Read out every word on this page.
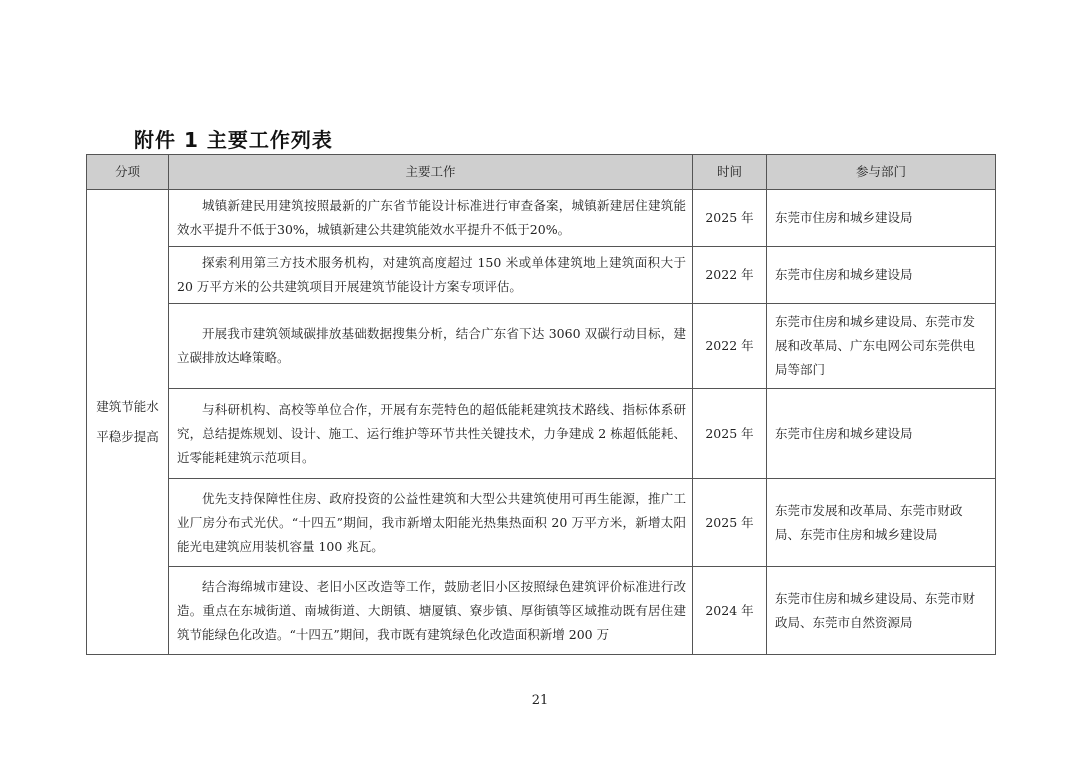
附件 1 主要工作列表
分项	主要工作	时间	参与部门
建筑节能水平稳步提高	城镇新建民用建筑按照最新的广东省节能设计标准进行审查备案，城镇新建居住建筑能效水平提升不低于30%，城镇新建公共建筑能效水平提升不低于20%。	2025 年	东莞市住房和城乡建设局
	探索利用第三方技术服务机构，对建筑高度超过 150 米或单体建筑地上建筑面积大于 20 万平方米的公共建筑项目开展建筑节能设计方案专项评估。	2022 年	东莞市住房和城乡建设局
	开展我市建筑领域碳排放基础数据搜集分析，结合广东省下达 3060 双碳行动目标，建立碳排放达峰策略。	2022 年	东莞市住房和城乡建设局、东莞市发展和改革局、广东电网公司东莞供电局等部门
	与科研机构、高校等单位合作，开展有东莞特色的超低能耗建筑技术路线、指标体系研究，总结提炼规划、设计、施工、运行维护等环节共性关键技术，力争建成 2 栋超低能耗、近零能耗建筑示范项目。	2025 年	东莞市住房和城乡建设局
	优先支持保障性住房、政府投资的公益性建筑和大型公共建筑使用可再生能源，推广工业厂房分布式光伏。“十四五”期间，我市新增太阳能光热集热面积 20 万平方米，新增太阳能光电建筑应用装机容量 100 兆瓦。	2025 年	东莞市发展和改革局、东莞市财政局、东莞市住房和城乡建设局
	结合海绵城市建设、老旧小区改造等工作，鼓励老旧小区按照绿色建筑评价标准进行改造。重点在东城街道、南城街道、大朗镇、塘厦镇、寮步镇、厚街镇等区域推动既有居住建筑节能绿色化改造。“十四五”期间，我市既有建筑绿色化改造面积新增 200 万	2024 年	东莞市住房和城乡建设局、东莞市财政局、东莞市自然资源局
21
